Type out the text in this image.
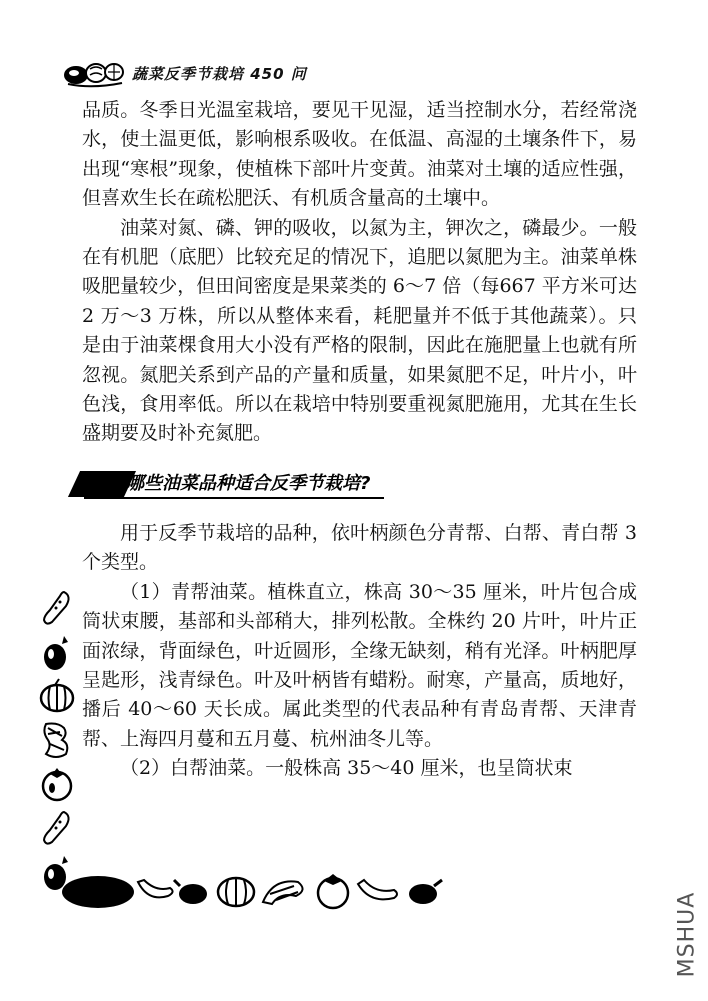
蔬菜反季节栽培 450 问

品质。冬季日光温室栽培，要见干见湿，适当控制水分，若经常浇水，使土温更低，影响根系吸收。在低温、高湿的土壤条件下，易出现“寒根”现象，使植株下部叶片变黄。油菜对土壤的适应性强，但喜欢生长在疏松肥沃、有机质含量高的土壤中。

油菜对氮、磷、钾的吸收，以氮为主，钾次之，磷最少。一般在有机肥（底肥）比较充足的情况下，追肥以氮肥为主。油菜单株吸肥量较少，但田间密度是果菜类的 6～7 倍（每667 平方米可达 2 万～3 万株，所以从整体来看，耗肥量并不低于其他蔬菜）。只是由于油菜棵食用大小没有严格的限制，因此在施肥量上也就有所忽视。氮肥关系到产品的产量和质量，如果氮肥不足，叶片小，叶色浅，食用率低。所以在栽培中特别要重视氮肥施用，尤其在生长盛期要及时补充氮肥。

哪些油菜品种适合反季节栽培?

用于反季节栽培的品种，依叶柄颜色分青帮、白帮、青白帮 3 个类型。

（1）青帮油菜。植株直立，株高 30～35 厘米，叶片包合成筒状束腰，基部和头部稍大，排列松散。全株约 20 片叶，叶片正面浓绿，背面绿色，叶近圆形，全缘无缺刻，稍有光泽。叶柄肥厚呈匙形，浅青绿色。叶及叶柄皆有蜡粉。耐寒，产量高，质地好，播后 40～60 天长成。属此类型的代表品种有青岛青帮、天津青帮、上海四月蔓和五月蔓、杭州油冬儿等。

（2）白帮油菜。一般株高 35～40 厘米，也呈筒状束

MSHUA
